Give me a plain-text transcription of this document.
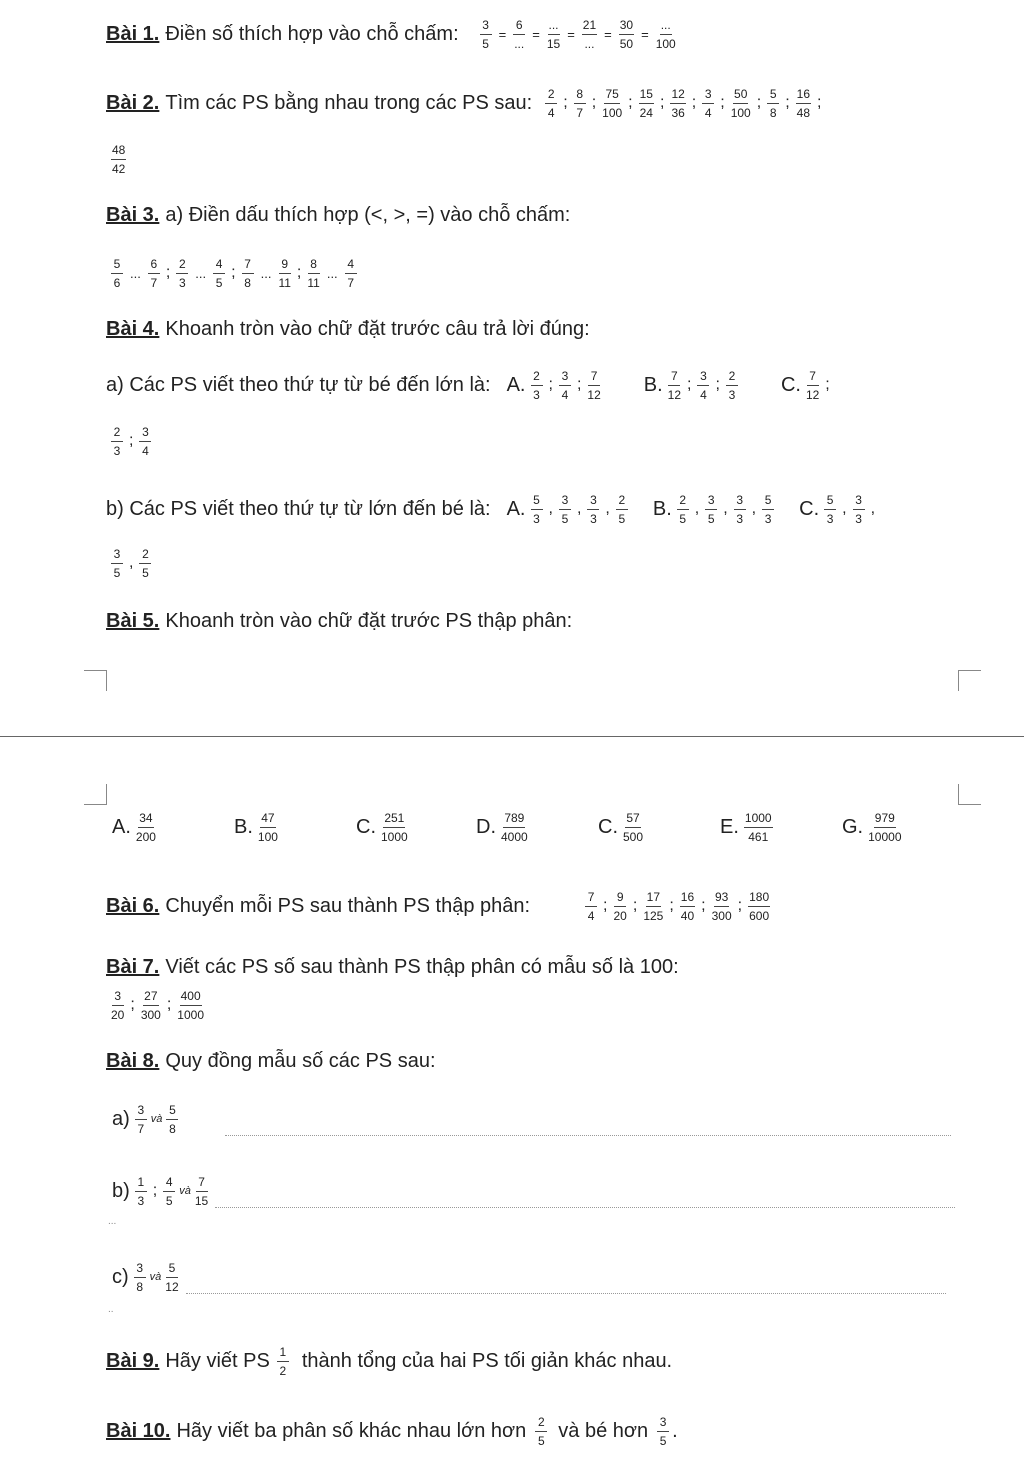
Bài 1. Điền số thích hợp vào chỗ chấm: $\frac{3}{5} = \frac{6}{...} = \frac{...}{15} = \frac{21}{...} = \frac{30}{50} = \frac{...}{100}$
Bài 2. Tìm các PS bằng nhau trong các PS sau: $\frac{2}{4}$ ; $\frac{8}{7}$ ; $\frac{75}{100}$ ; $\frac{15}{24}$ ; $\frac{12}{36}$ ; $\frac{3}{4}$ ; $\frac{50}{100}$ ; $\frac{5}{8}$ ; $\frac{16}{48}$ ;
$\frac{48}{42}$
Bài 3. a) Điền dấu thích hợp (<, >, =) vào chỗ chấm:
$\frac{5}{6}$ ... $\frac{6}{7}$ ; $\frac{2}{3}$ ... $\frac{4}{5}$ ; $\frac{7}{8}$ ... $\frac{9}{11}$ ; $\frac{8}{11}$ ... $\frac{4}{7}$
Bài 4. Khoanh tròn vào chữ đặt trước câu trả lời đúng:
a) Các PS viết theo thứ tự từ bé đến lớn là: A. $\frac{2}{3}$ ; $\frac{3}{4}$ ; $\frac{7}{12} B$. $\frac{7}{12}$ ; $\frac{3}{4}$ ; $\frac{2}{3} C$. $\frac{7}{12}$ ;
$\frac{2}{3}$ ; $\frac{3}{4}$
b) Các PS viết theo thứ tự từ lớn đến bé là: A. $\frac{5}{3}$ , $\frac{3}{5}$ , $\frac{3}{3}$ , $\frac{2}{5} B$. $\frac{2}{5}$ , $\frac{3}{5}$ , $\frac{3}{3}$ , $\frac{5}{3} C$. $\frac{5}{3}$ , $\frac{3}{3}$ ,
$\frac{3}{5}$ , $\frac{2}{5}$
Bài 5. Khoanh tròn vào chữ đặt trước PS thập phân:
A. $\frac{34}{200}$	B. $\frac{47}{100}$	C. $\frac{251}{1000}$	D. $\frac{789}{4000}$	C. $\frac{57}{500}$	E. $\frac{1000}{461}$	G. $\frac{979}{10000}$
Bài 6. Chuyển mỗi PS sau thành PS thập phân:	$\frac{7}{4}$ ; $\frac{9}{20}$ ; $\frac{17}{125}$ ; $\frac{16}{40}$ ; $\frac{93}{300}$ ; $\frac{180}{600}$
Bài 7. Viết các PS số sau thành PS thập phân có mẫu số là 100:
$\frac{3}{20}$ ; $\frac{27}{300}$ ; $\frac{400}{1000}$
Bài 8. Quy đồng mẫu số các PS sau:
$a) \frac{3}{7}$ và $\frac{5}{8}$
$b) \frac{1}{3}$ ; $\frac{4}{5}$ và $\frac{7}{15}$
...
$c) \frac{3}{8}$ và $\frac{5}{12}$
..
Bài 9. Hãy viết PS $\frac{1}{2}$ thành tổng của hai PS tối giản khác nhau.
Bài 10. Hãy viết ba phân số khác nhau lớn hơn $\frac{2}{5}$ và bé hơn $\frac{3}{5}$ .
